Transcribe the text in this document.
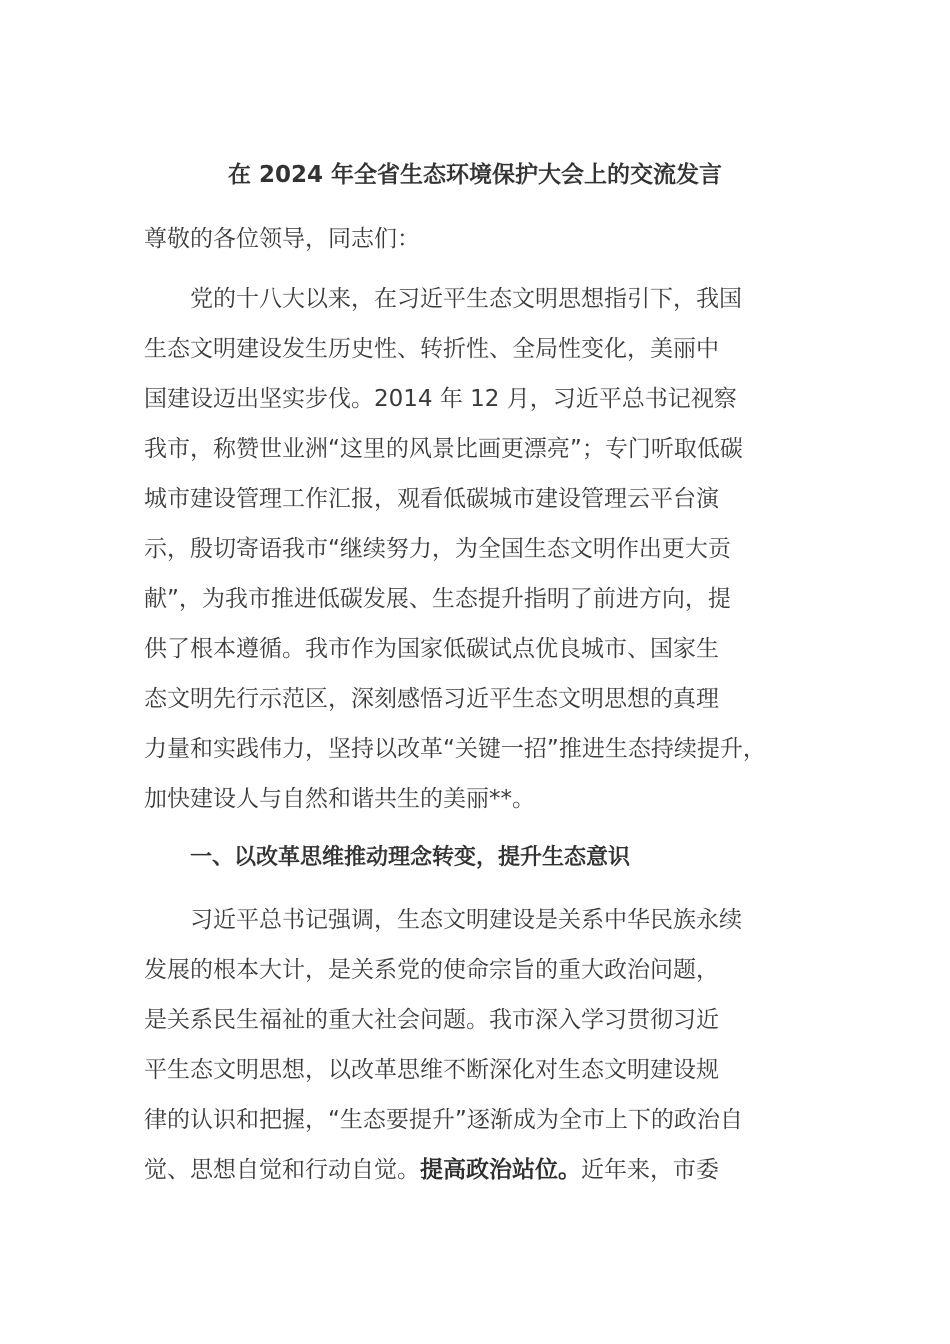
在 2024 年全省生态环境保护大会上的交流发言
尊敬的各位领导，同志们：
党的十八大以来，在习近平生态文明思想指引下，我国
生态文明建设发生历史性、转折性、全局性变化，美丽中
国建设迈出坚实步伐。2014 年 12 月，习近平总书记视察
我市，称赞世业洲“这里的风景比画更漂亮”；专门听取低碳
城市建设管理工作汇报，观看低碳城市建设管理云平台演
示，殷切寄语我市“继续努力，为全国生态文明作出更大贡
献”，为我市推进低碳发展、生态提升指明了前进方向，提
供了根本遵循。我市作为国家低碳试点优良城市、国家生
态文明先行示范区，深刻感悟习近平生态文明思想的真理
力量和实践伟力，坚持以改革“关键一招”推进生态持续提升，
加快建设人与自然和谐共生的美丽**。
一、以改革思维推动理念转变，提升生态意识
习近平总书记强调，生态文明建设是关系中华民族永续
发展的根本大计，是关系党的使命宗旨的重大政治问题，
是关系民生福祉的重大社会问题。我市深入学习贯彻习近
平生态文明思想，以改革思维不断深化对生态文明建设规
律的认识和把握，“生态要提升”逐渐成为全市上下的政治自
觉、思想自觉和行动自觉。提高政治站位。近年来，市委
